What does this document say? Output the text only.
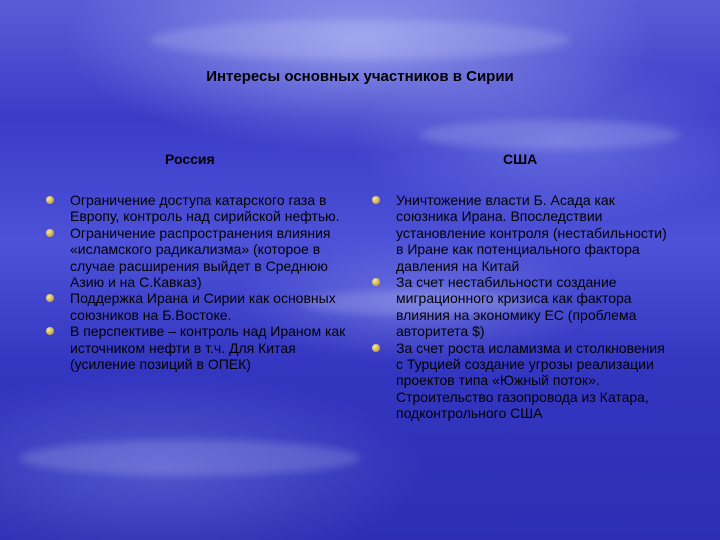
Интересы основных участников в Сирии
Россия	США
Ограничение доступа катарского газа в Европу, контроль над сирийской нефтью.
Ограничение распространения влияния «исламского радикализма» (которое в случае расширения выйдет в Среднюю Азию и на С.Кавказ)
Поддержка Ирана и Сирии как основных союзников на Б.Востоке.
В перспективе – контроль над Ираном как источником нефти в т.ч. Для Китая (усиление позиций в ОПЕК)
Уничтожение власти Б. Асада как союзника Ирана. Впоследствии установление контроля (нестабильности) в Иране как потенциального фактора давления на Китай
За счет нестабильности создание миграционного кризиса как фактора влияния на экономику ЕС (проблема авторитета $)
За счет роста исламизма и столкновения с Турцией создание угрозы реализации проектов типа «Южный поток». Строительство газопровода из Катара, подконтрольного США
